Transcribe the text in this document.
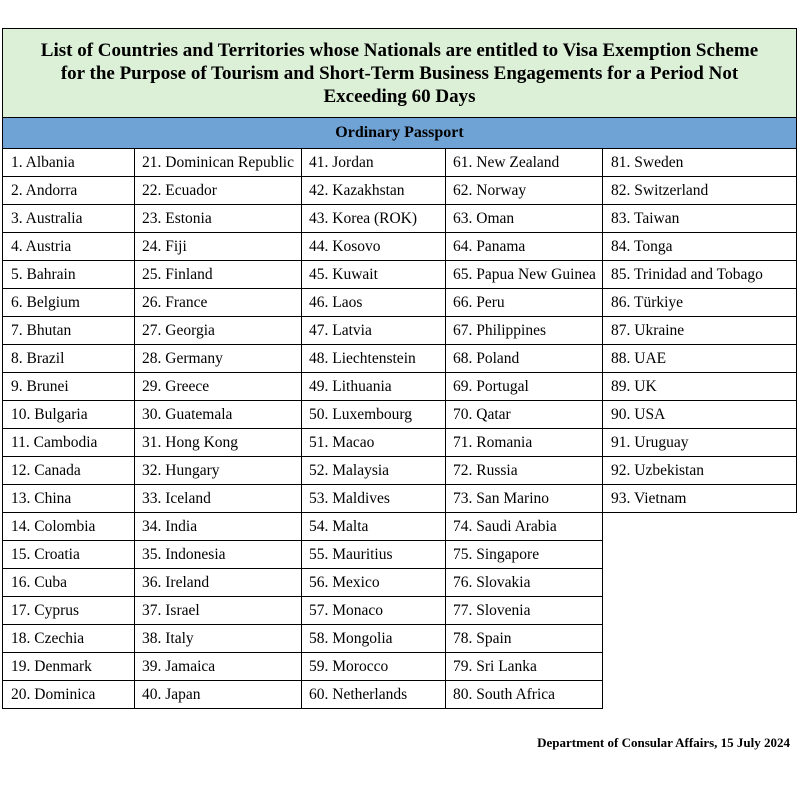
List of Countries and Territories whose Nationals are entitled to Visa Exemption Scheme
for the Purpose of Tourism and Short-Term Business Engagements for a Period Not
Exceeding 60 Days
Ordinary Passport
1. Albania
2. Andorra
3. Australia
4. Austria
5. Bahrain
6. Belgium
7. Bhutan
8. Brazil
9. Brunei
10. Bulgaria
11. Cambodia
12. Canada
13. China
14. Colombia
15. Croatia
16. Cuba
17. Cyprus
18. Czechia
19. Denmark
20. Dominica
21. Dominican Republic
22. Ecuador
23. Estonia
24. Fiji
25. Finland
26. France
27. Georgia
28. Germany
29. Greece
30. Guatemala
31. Hong Kong
32. Hungary
33. Iceland
34. India
35. Indonesia
36. Ireland
37. Israel
38. Italy
39. Jamaica
40. Japan
41. Jordan
42. Kazakhstan
43. Korea (ROK)
44. Kosovo
45. Kuwait
46. Laos
47. Latvia
48. Liechtenstein
49. Lithuania
50. Luxembourg
51. Macao
52. Malaysia
53. Maldives
54. Malta
55. Mauritius
56. Mexico
57. Monaco
58. Mongolia
59. Morocco
60. Netherlands
61. New Zealand
62. Norway
63. Oman
64. Panama
65. Papua New Guinea
66. Peru
67. Philippines
68. Poland
69. Portugal
70. Qatar
71. Romania
72. Russia
73. San Marino
74. Saudi Arabia
75. Singapore
76. Slovakia
77. Slovenia
78. Spain
79. Sri Lanka
80. South Africa
81. Sweden
82. Switzerland
83. Taiwan
84. Tonga
85. Trinidad and Tobago
86. Türkiye
87. Ukraine
88. UAE
89. UK
90. USA
91. Uruguay
92. Uzbekistan
93. Vietnam
Department of Consular Affairs, 15 July 2024
